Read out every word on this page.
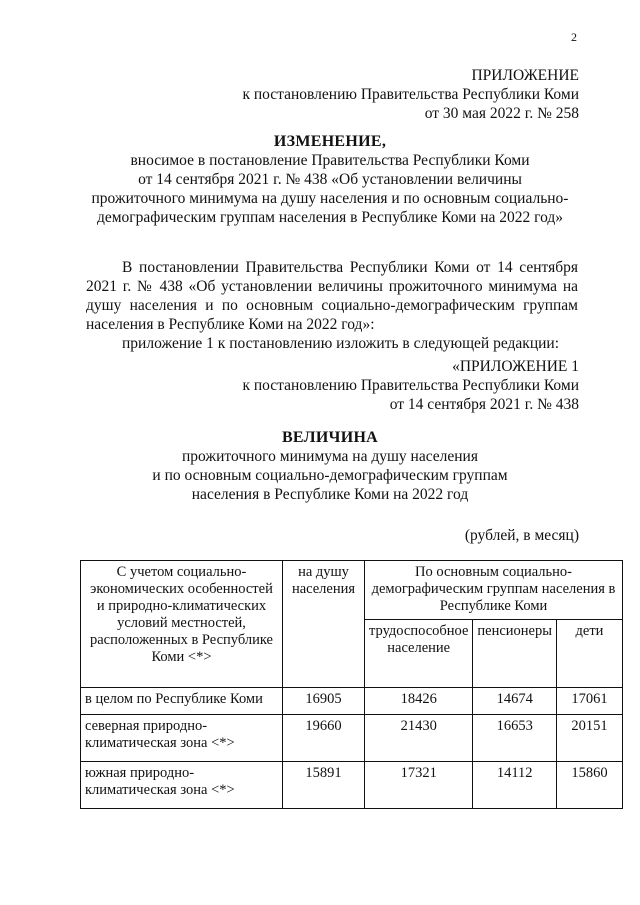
2
ПРИЛОЖЕНИЕ
к постановлению Правительства Республики Коми
от 30 мая 2022 г. № 258
ИЗМЕНЕНИЕ,
вносимое в постановление Правительства Республики Коми
от 14 сентября 2021 г. № 438 «Об установлении величины
прожиточного минимума на душу населения и по основным социально-
демографическим группам населения в Республике Коми на 2022 год»
В постановлении Правительства Республики Коми от 14 сентября 2021 г. № 438 «Об установлении величины прожиточного минимума на душу населения и по основным социально-демографическим группам населения в Республике Коми на 2022 год»:
приложение 1 к постановлению изложить в следующей редакции:
«ПРИЛОЖЕНИЕ 1
к постановлению Правительства Республики Коми
от 14 сентября 2021 г. № 438
ВЕЛИЧИНА
прожиточного минимума на душу населения
и по основным социально-демографическим группам
населения в Республике Коми на 2022 год
(рублей, в месяц)
С учетом социально-экономических особенностей и природно-климатических условий местностей, расположенных в Республике Коми <*>	на душу населения	По основным социально-демографическим группам населения в Республике Коми		
		трудоспособное население	пенсионеры	дети
в целом по Республике Коми	16905	18426	14674	17061
северная природно-климатическая зона <*>	19660	21430	16653	20151
южная природно-климатическая зона <*>	15891	17321	14112	15860
